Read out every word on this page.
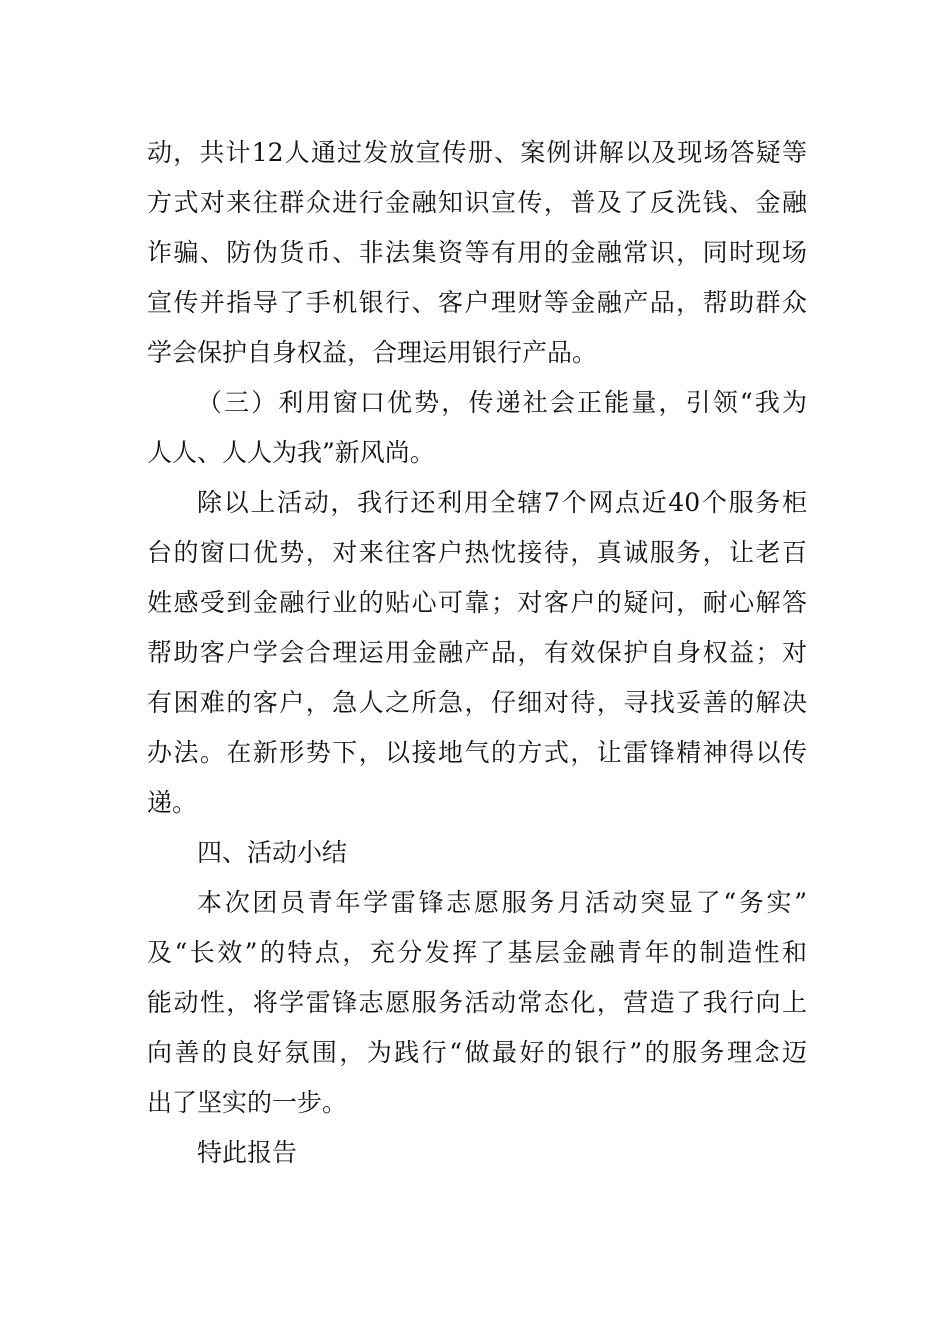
动，共计12人通过发放宣传册、案例讲解以及现场答疑等
方式对来往群众进行金融知识宣传，普及了反洗钱、金融
诈骗、防伪货币、非法集资等有用的金融常识，同时现场
宣传并指导了手机银行、客户理财等金融产品，帮助群众
学会保护自身权益，合理运用银行产品。
（三）利用窗口优势，传递社会正能量，引领“我为
人人、人人为我”新风尚。
除以上活动，我行还利用全辖7个网点近40个服务柜
台的窗口优势，对来往客户热忱接待，真诚服务，让老百
姓感受到金融行业的贴心可靠；对客户的疑问，耐心解答
帮助客户学会合理运用金融产品，有效保护自身权益；对
有困难的客户，急人之所急，仔细对待，寻找妥善的解决
办法。在新形势下，以接地气的方式，让雷锋精神得以传
递。
四、活动小结
本次团员青年学雷锋志愿服务月活动突显了“务实”
及“长效”的特点，充分发挥了基层金融青年的制造性和
能动性，将学雷锋志愿服务活动常态化，营造了我行向上
向善的良好氛围，为践行“做最好的银行”的服务理念迈
出了坚实的一步。
特此报告
